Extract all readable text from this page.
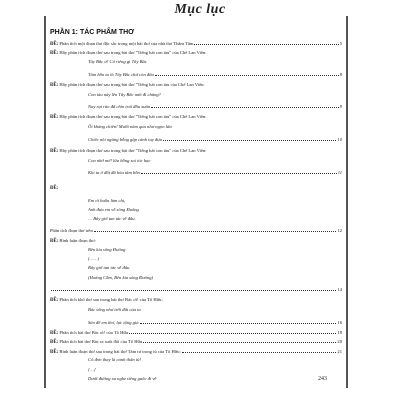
Mục lục
PHẦN 1: TÁC PHẨM THƠ
ĐỀ: Phân tích một đoạn thơ đặc sắc trong một bài thơ của nhà thơ Thâm Tâm	5
ĐỀ: Hãy phân tích đoạn thơ sau trong bài thơ "Tiếng hát con tàu" của Chế Lan Viên:
Tây Bắc ư! Có riêng gì Tây Bắc
Tâm hồn ta là Tây Bắc chứ còn đâu	8
ĐỀ: Hãy phân tích đoạn thơ sau trong bài thơ "Tiếng hát con tàu của Chế Lan Viên:
Con tàu này lên Tây Bắc anh đi chăng?
Nay rạt rào đã chín trái đầu xuân	9
ĐỀ: Hãy phân tích đoạn thơ sau trong bài thơ "Tiếng hát con tàu" của Chế Lan Viên:
Ôi kháng chiến! Mười năm qua như ngọn lửa
Chiếc nôi ngừng bỗng gặp cánh tay đưa	10
ĐỀ: Hãy phân tích đoạn thơ sau trong bài thơ "Tiếng hát con tàu" của Chế Lan Viên:
Con nhớ mế! lửa hồng soi tóc bạc
Khi ta ở đất đã hóa tâm hồn	11
ĐỀ:
Em ơi buồn làm chi,
Anh đưa em về sông Đuống
… Bây giờ tan tác về đâu.
Phân tích đoạn thơ trên	12
ĐỀ: Bình luận đoạn thơ:
Bên kia sông Đuống
(……)
Bây giờ tan tác về đâu
(Hoàng Cầm, Bên kia sông Đuống)
14
ĐỀ: Phân tích khổ thơ sau trong bài thơ Bác ơi! của Tố Hữu:
Bác sống như trời đất của ta
Sáo đế em thơ, lực tộng giả	16
ĐỀ: Phân tích bài thơ Bác ơi! của Tố Hữu	18
ĐỀ: Phân tích bài thơ Bác ra suốt đổi của Tố Hữu	20
ĐỀ: Bình luận đoạn thơ sau trong bài thơ Tâm tư trong tù của Tố Hữu:	21
Cô đơn thay là cảnh thân tù!
[…]
Dưới đường xa nghe tiếng guốc đi về	243
